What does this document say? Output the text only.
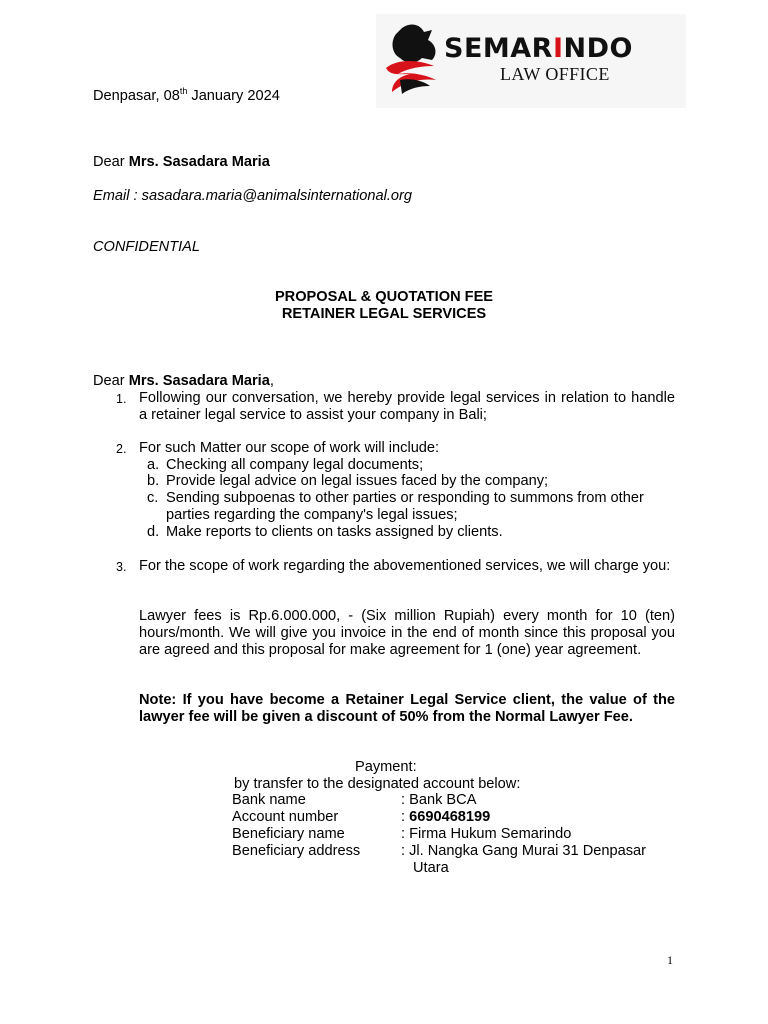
SEMARINDO
LAW OFFICE
Denpasar, 08th January 2024
Dear Mrs. Sasadara Maria
Email : sasadara.maria@animalsinternational.org
CONFIDENTIAL
PROPOSAL & QUOTATION FEE
RETAINER LEGAL SERVICES
Dear Mrs. Sasadara Maria,
1. Following our conversation, we hereby provide legal services in relation to handle a retainer legal service to assist your company in Bali;
2. For such Matter our scope of work will include:
a. Checking all company legal documents;
b. Provide legal advice on legal issues faced by the company;
c. Sending subpoenas to other parties or responding to summons from other parties regarding the company's legal issues;
d. Make reports to clients on tasks assigned by clients.
3. For the scope of work regarding the abovementioned services, we will charge you:
Lawyer fees is Rp.6.000.000, - (Six million Rupiah) every month for 10 (ten) hours/month. We will give you invoice in the end of month since this proposal you are agreed and this proposal for make agreement for 1 (one) year agreement.
Note: If you have become a Retainer Legal Service client, the value of the lawyer fee will be given a discount of 50% from the Normal Lawyer Fee.
Payment:
by transfer to the designated account below:
Bank name	: Bank BCA
Account number	: 6690468199
Beneficiary name	: Firma Hukum Semarindo
Beneficiary address	: Jl. Nangka Gang Murai 31 Denpasar Utara
1
